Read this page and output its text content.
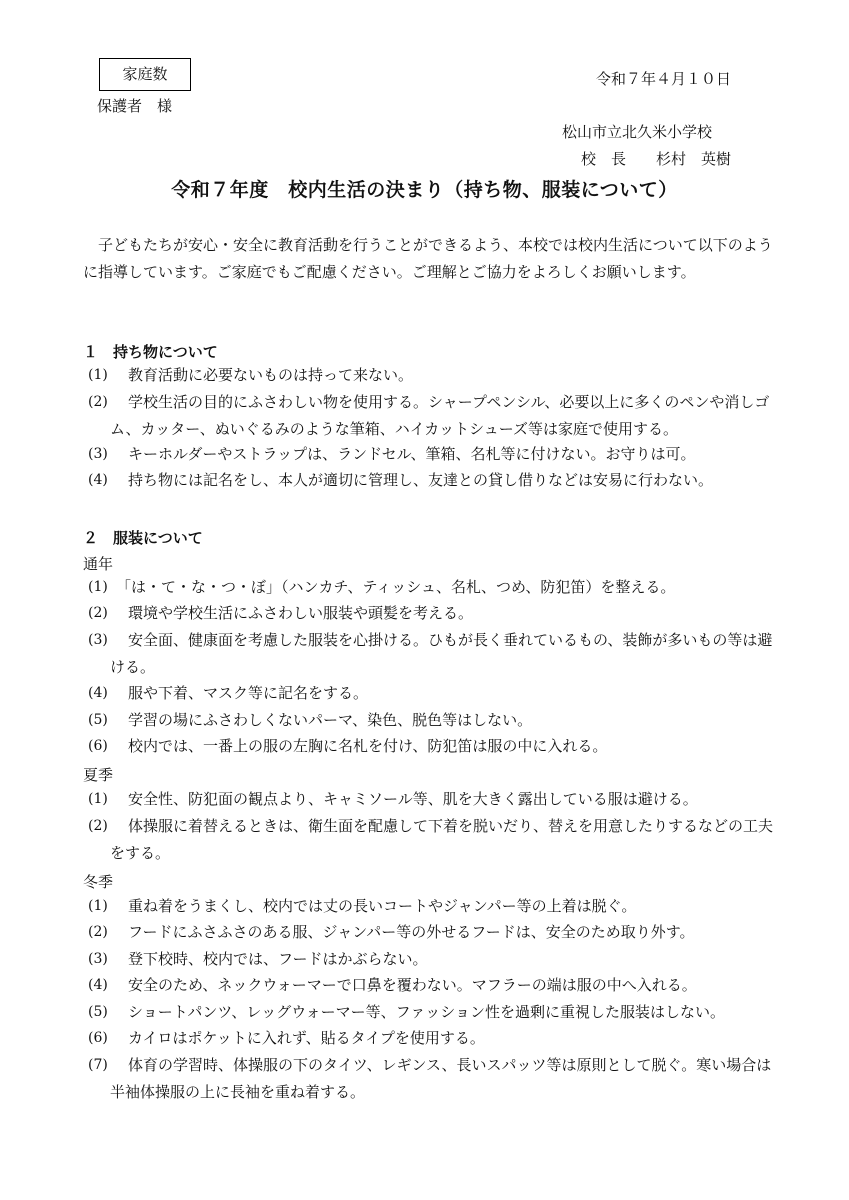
家庭数
保護者　様
令和７年４月１０日
松山市立北久米小学校
校　長　　杉村　英樹
令和７年度　校内生活の決まり（持ち物、服装について）
子どもたちが安心・安全に教育活動を行うことができるよう、本校では校内生活について以下のように指導しています。ご家庭でもご配慮ください。ご理解とご協力をよろしくお願いします。
１　持ち物について
(1) 教育活動に必要ないものは持って来ない。
(2)	学校生活の目的にふさわしい物を使用する。シャープペンシル、必要以上に多くのペンや消しゴム、カッター、ぬいぐるみのような筆箱、ハイカットシューズ等は家庭で使用する。
(3) キーホルダーやストラップは、ランドセル、筆箱、名札等に付けない。お守りは可。
(4) 持ち物には記名をし、本人が適切に管理し、友達との貸し借りなどは安易に行わない。
２　服装について
通年
(1) 「は・て・な・つ・ぼ」（ハンカチ、ティッシュ、名札、つめ、防犯笛）を整える。
(2) 環境や学校生活にふさわしい服装や頭髪を考える。
(3)	安全面、健康面を考慮した服装を心掛ける。ひもが長く垂れているもの、装飾が多いもの等は避ける。
(4) 服や下着、マスク等に記名をする。
(5) 学習の場にふさわしくないパーマ、染色、脱色等はしない。
(6) 校内では、一番上の服の左胸に名札を付け、防犯笛は服の中に入れる。
夏季
(1) 安全性、防犯面の観点より、キャミソール等、肌を大きく露出している服は避ける。
(2)	体操服に着替えるときは、衛生面を配慮して下着を脱いだり、替えを用意したりするなどの工夫をする。
冬季
(1) 重ね着をうまくし、校内では丈の長いコートやジャンパー等の上着は脱ぐ。
(2) フードにふさふさのある服、ジャンパー等の外せるフードは、安全のため取り外す。
(3) 登下校時、校内では、フードはかぶらない。
(4) 安全のため、ネックウォーマーで口鼻を覆わない。マフラーの端は服の中へ入れる。
(5) ショートパンツ、レッグウォーマー等、ファッション性を過剰に重視した服装はしない。
(6) カイロはポケットに入れず、貼るタイプを使用する。
(7)	体育の学習時、体操服の下のタイツ、レギンス、長いスパッツ等は原則として脱ぐ。寒い場合は半袖体操服の上に長袖を重ね着する。
